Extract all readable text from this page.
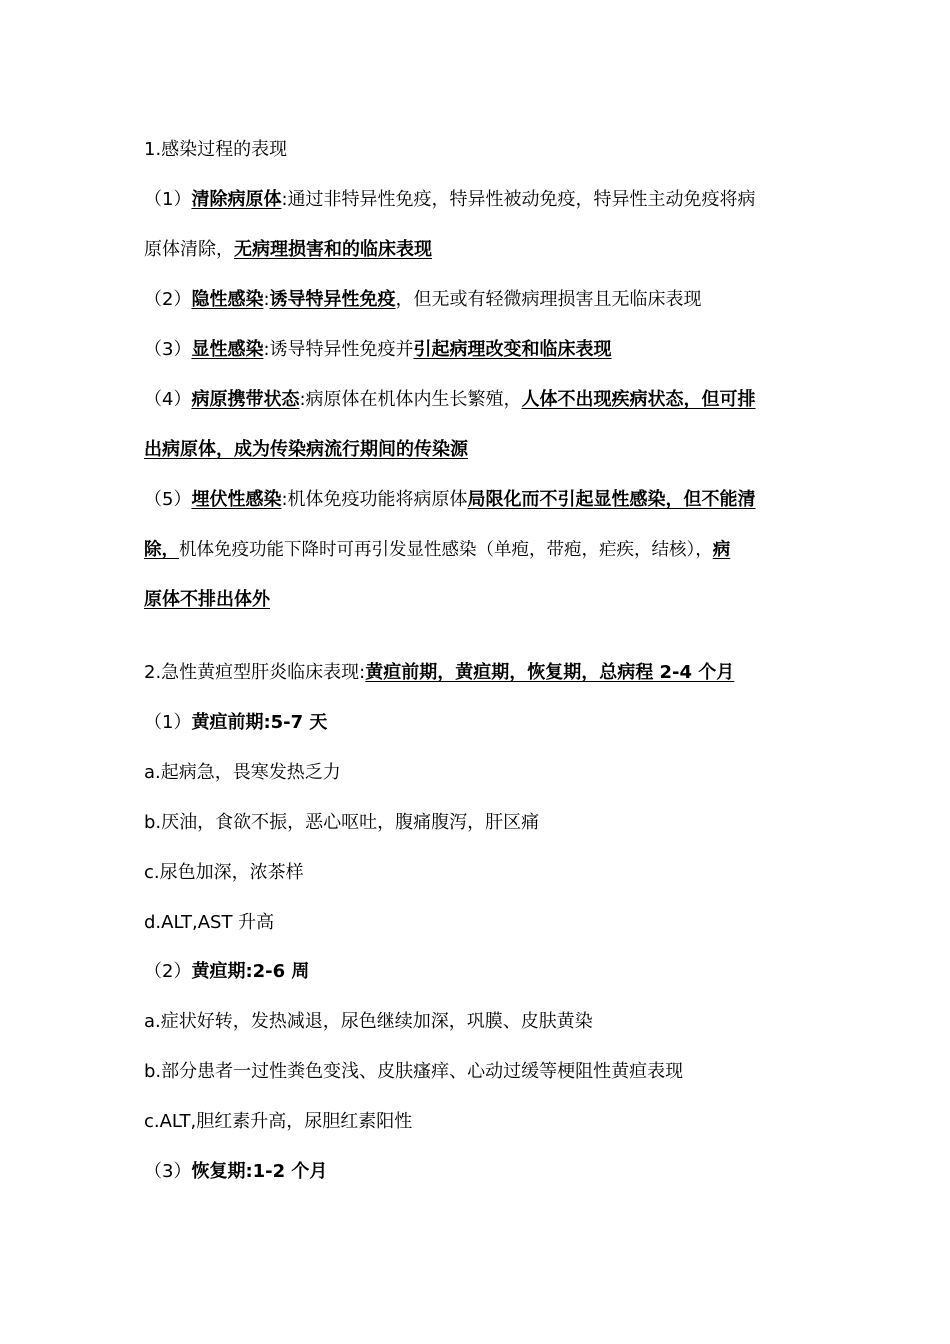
1.感染过程的表现
（1）清除病原体:通过非特异性免疫，特异性被动免疫，特异性主动免疫将病
原体清除，无病理损害和的临床表现
（2）隐性感染:诱导特异性免疫，但无或有轻微病理损害且无临床表现
（3）显性感染:诱导特异性免疫并引起病理改变和临床表现
（4）病原携带状态:病原体在机体内生长繁殖，人体不出现疾病状态，但可排
出病原体，成为传染病流行期间的传染源
（5）埋伏性感染:机体免疫功能将病原体局限化而不引起显性感染，但不能清
除，机体免疫功能下降时可再引发显性感染（单疱，带疱，疟疾，结核），病
原体不排出体外
2.急性黄疸型肝炎临床表现:黄疸前期，黄疸期，恢复期，总病程 2-4 个月
（1）黄疸前期:5-7 天
a.起病急，畏寒发热乏力
b.厌油，食欲不振，恶心呕吐，腹痛腹泻，肝区痛
c.尿色加深，浓茶样
d.ALT,AST 升高
（2）黄疸期:2-6 周
a.症状好转，发热减退，尿色继续加深，巩膜、皮肤黄染
b.部分患者一过性粪色变浅、皮肤瘙痒、心动过缓等梗阻性黄疸表现
c.ALT,胆红素升高，尿胆红素阳性
（3）恢复期:1-2 个月
